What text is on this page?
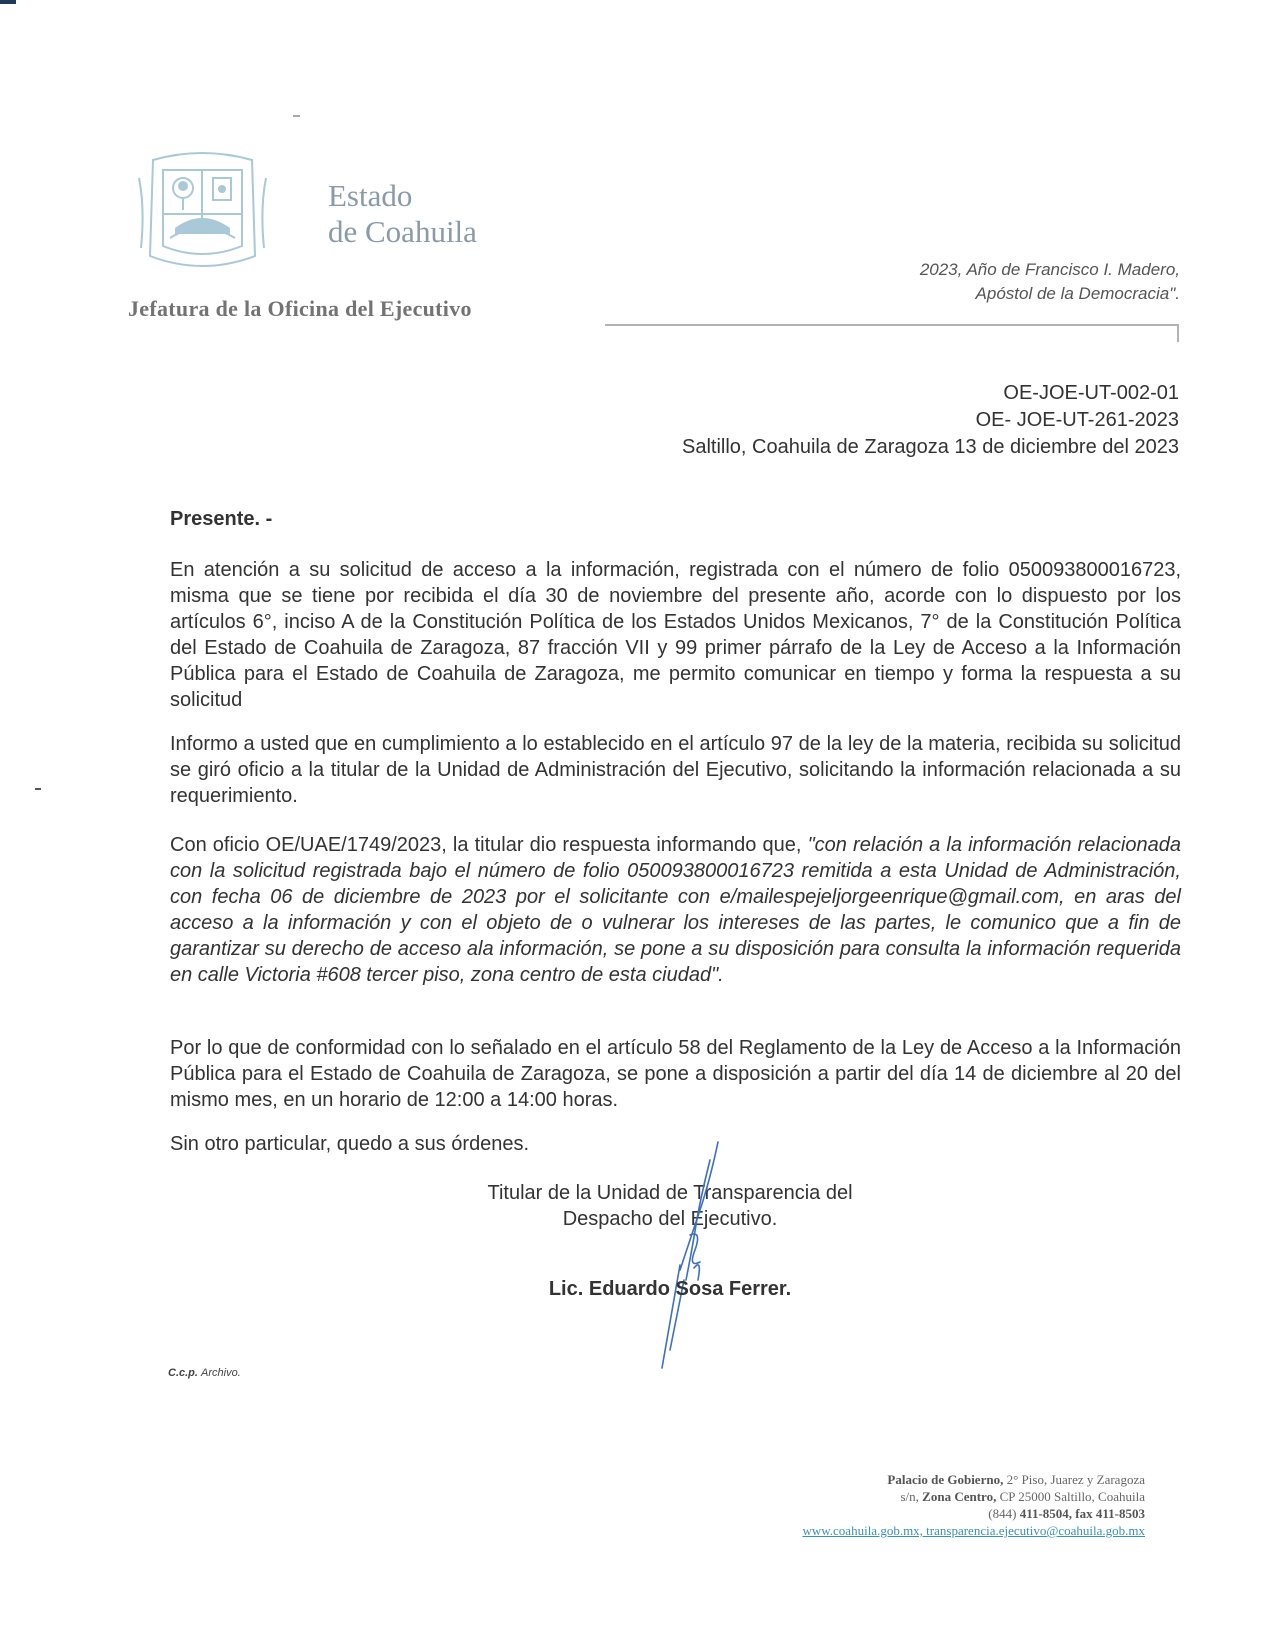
Estado
de Coahuila
Jefatura de la Oficina del Ejecutivo
2023, Año de Francisco I. Madero,
Apóstol de la Democracia".
OE-JOE-UT-002-01
OE- JOE-UT-261-2023
Saltillo, Coahuila de Zaragoza 13 de diciembre del 2023
Presente. -

En atención a su solicitud de acceso a la información, registrada con el número de folio 050093800016723, misma que se tiene por recibida el día 30 de noviembre del presente año, acorde con lo dispuesto por los artículos 6°, inciso A de la Constitución Política de los Estados Unidos Mexicanos, 7° de la Constitución Política del Estado de Coahuila de Zaragoza, 87 fracción VII y 99 primer párrafo de la Ley de Acceso a la Información Pública para el Estado de Coahuila de Zaragoza, me permito comunicar en tiempo y forma la respuesta a su solicitud

Informo a usted que en cumplimiento a lo establecido en el artículo 97 de la ley de la materia, recibida su solicitud se giró oficio a la titular de la Unidad de Administración del Ejecutivo, solicitando la información relacionada a su requerimiento.

Con oficio OE/UAE/1749/2023, la titular dio respuesta informando que, "con relación a la información relacionada con la solicitud registrada bajo el número de folio 050093800016723 remitida a esta Unidad de Administración, con fecha 06 de diciembre de 2023 por el solicitante con e/mailespejeljorgeenrique@gmail.com, en aras del acceso a la información y con el objeto de o vulnerar los intereses de las partes, le comunico que a fin de garantizar su derecho de acceso ala información, se pone a su disposición para consulta la información requerida en calle Victoria #608 tercer piso, zona centro de esta ciudad".

Por lo que de conformidad con lo señalado en el artículo 58 del Reglamento de la Ley de Acceso a la Información Pública para el Estado de Coahuila de Zaragoza, se pone a disposición a partir del día 14 de diciembre al 20 del mismo mes, en un horario de 12:00 a 14:00 horas.

Sin otro particular, quedo a sus órdenes.
Titular de la Unidad de Transparencia del
Despacho del Ejecutivo.
Lic. Eduardo Sosa Ferrer.
C.c.p. Archivo.
Palacio de Gobierno, 2° Piso, Juarez y Zaragoza
s/n, Zona Centro, CP 25000 Saltillo, Coahuila
(844) 411-8504, fax 411-8503
www.coahuila.gob.mx, transparencia.ejecutivo@coahuila.gob.mx
